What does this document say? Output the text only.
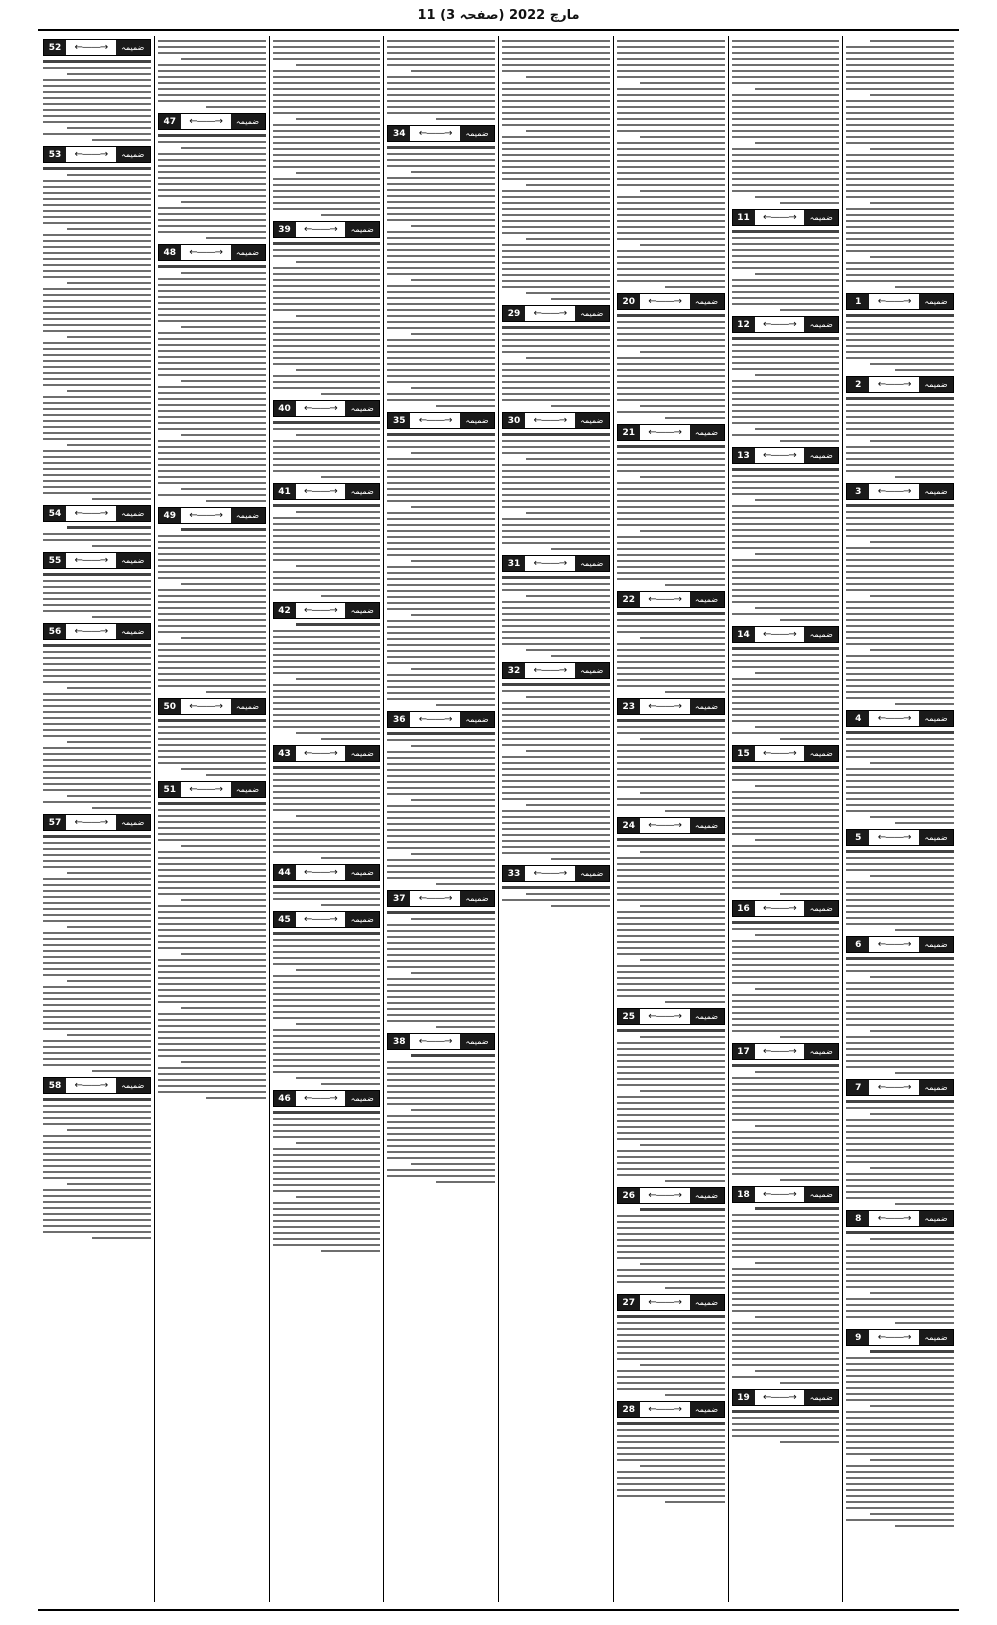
11 مارچ 2022 (صفحہ 3)
1	←——→	ضمیمہ
2	←——→	ضمیمہ
3	←——→	ضمیمہ
4	←——→	ضمیمہ
5	←——→	ضمیمہ
6	←——→	ضمیمہ
7	←——→	ضمیمہ
8	←——→	ضمیمہ
9	←——→	ضمیمہ
11	←——→	ضمیمہ
12	←——→	ضمیمہ
13	←——→	ضمیمہ
14	←——→	ضمیمہ
15	←——→	ضمیمہ
16	←——→	ضمیمہ
17	←——→	ضمیمہ
18	←——→	ضمیمہ
19	←——→	ضمیمہ
20	←——→	ضمیمہ
21	←——→	ضمیمہ
22	←——→	ضمیمہ
23	←——→	ضمیمہ
24	←——→	ضمیمہ
25	←——→	ضمیمہ
26	←——→	ضمیمہ
27	←——→	ضمیمہ
28	←——→	ضمیمہ
29	←——→	ضمیمہ
30	←——→	ضمیمہ
31	←——→	ضمیمہ
32	←——→	ضمیمہ
33	←——→	ضمیمہ
34	←——→	ضمیمہ
35	←——→	ضمیمہ
36	←——→	ضمیمہ
37	←——→	ضمیمہ
38	←——→	ضمیمہ
39	←——→	ضمیمہ
40	←——→	ضمیمہ
41	←——→	ضمیمہ
42	←——→	ضمیمہ
43	←——→	ضمیمہ
44	←——→	ضمیمہ
45	←——→	ضمیمہ
46	←——→	ضمیمہ
47	←——→	ضمیمہ
48	←——→	ضمیمہ
49	←——→	ضمیمہ
50	←——→	ضمیمہ
51	←——→	ضمیمہ
52	←——→	ضمیمہ
53	←——→	ضمیمہ
54	←——→	ضمیمہ
55	←——→	ضمیمہ
56	←——→	ضمیمہ
57	←——→	ضمیمہ
58	←——→	ضمیمہ
